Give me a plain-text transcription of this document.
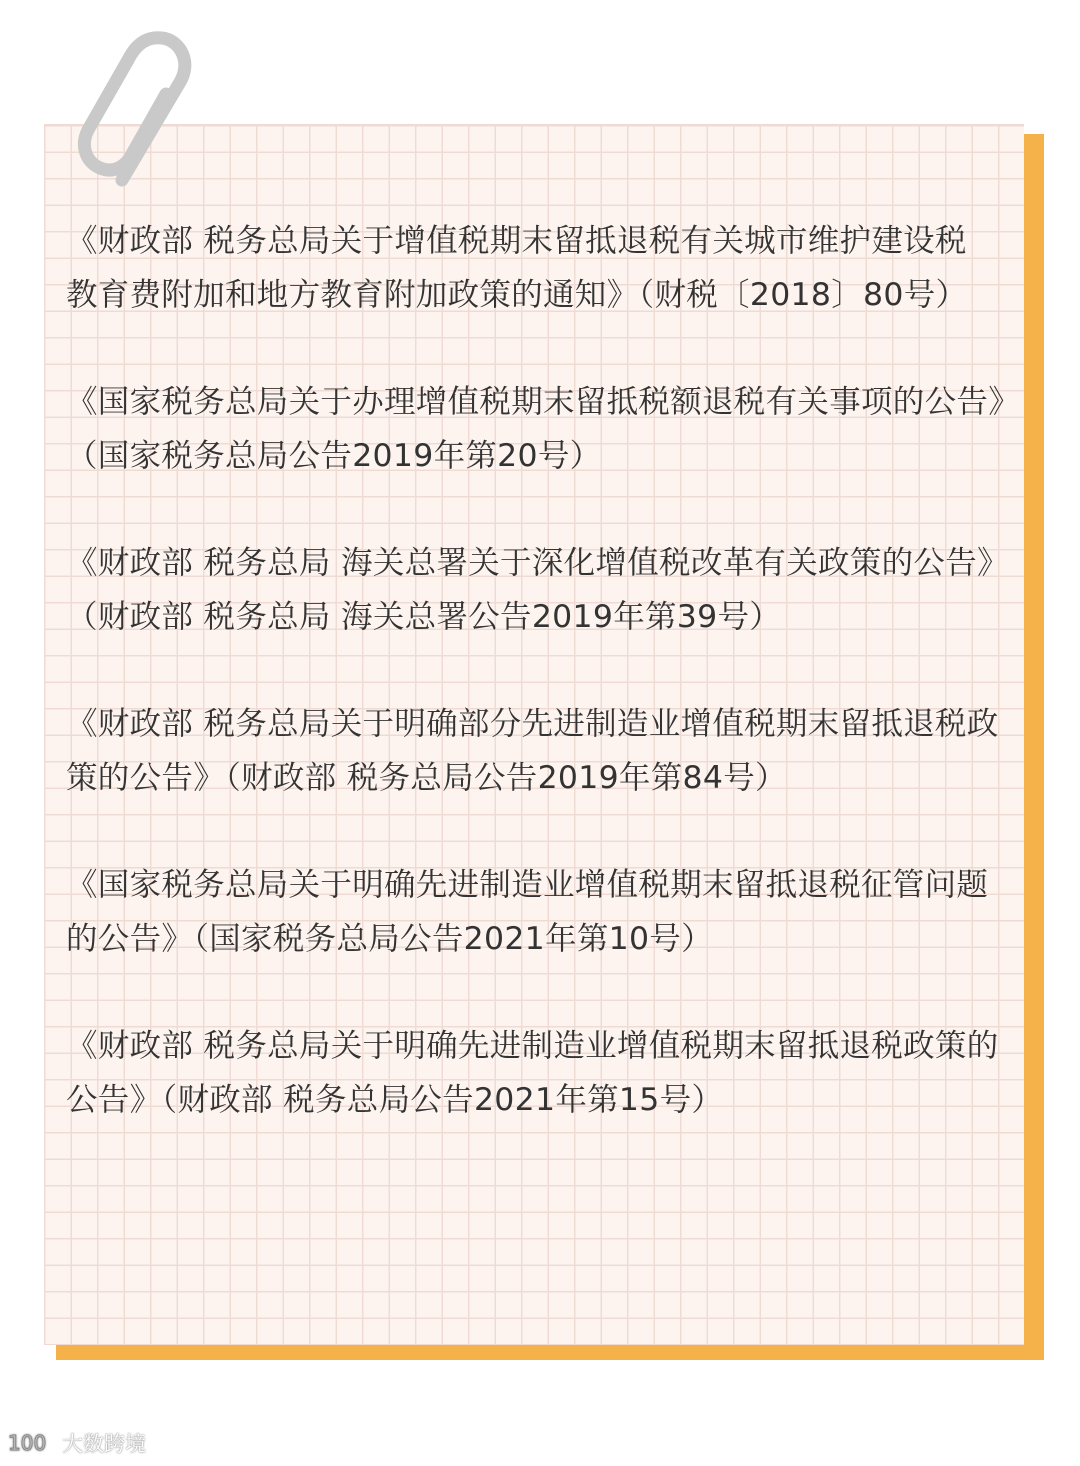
《财政部 税务总局关于增值税期末留抵退税有关城市维护建设税 教育费附加和地方教育附加政策的通知》（财税〔2018〕80号）
《国家税务总局关于办理增值税期末留抵税额退税有关事项的公告》（国家税务总局公告2019年第20号）
《财政部 税务总局 海关总署关于深化增值税改革有关政策的公告》（财政部 税务总局 海关总署公告2019年第39号）
《财政部 税务总局关于明确部分先进制造业增值税期末留抵退税政策的公告》（财政部 税务总局公告2019年第84号）
《国家税务总局关于明确先进制造业增值税期末留抵退税征管问题的公告》（国家税务总局公告2021年第10号）
《财政部 税务总局关于明确先进制造业增值税期末留抵退税政策的公告》（财政部 税务总局公告2021年第15号）
100 大数跨境
